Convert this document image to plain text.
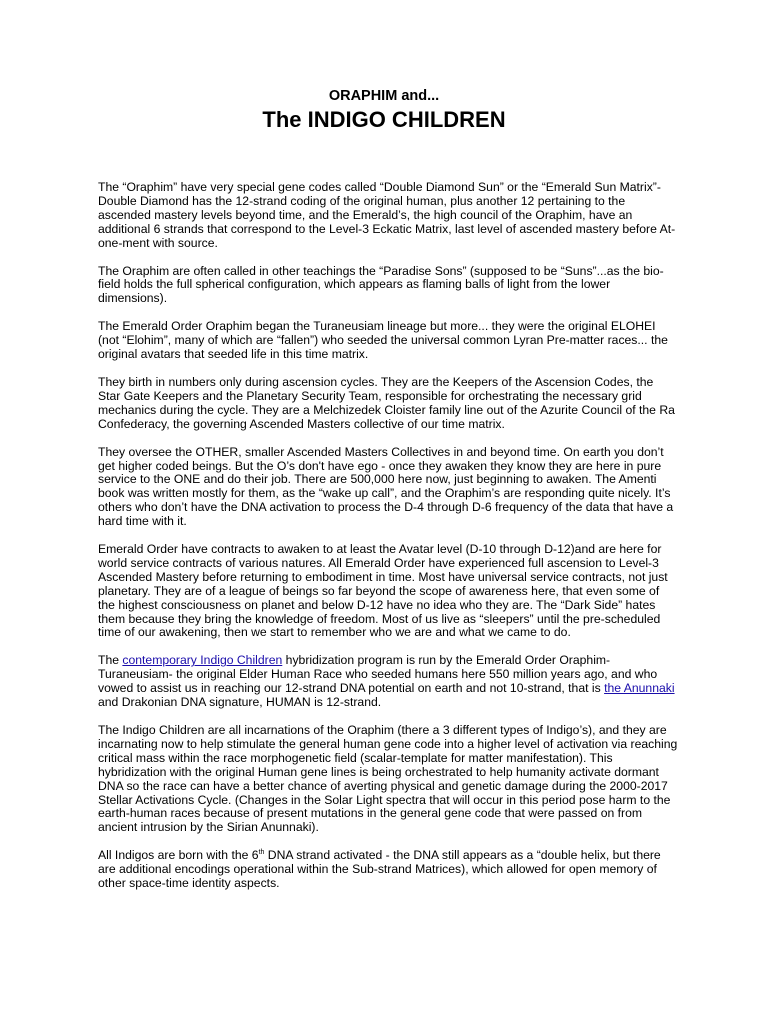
ORAPHIM and...
The INDIGO CHILDREN

The “Oraphim” have very special gene codes called “Double Diamond Sun” or the “Emerald Sun Matrix”- Double Diamond has the 12-strand coding of the original human, plus another 12 pertaining to the ascended mastery levels beyond time, and the Emerald’s, the high council of the Oraphim, have an additional 6 strands that correspond to the Level-3 Eckatic Matrix, last level of ascended mastery before At-one-ment with source.

The Oraphim are often called in other teachings the “Paradise Sons” (supposed to be “Suns”...as the bio-field holds the full spherical configuration, which appears as flaming balls of light from the lower dimensions).

The Emerald Order Oraphim began the Turaneusiam lineage but more... they were the original ELOHEI (not “Elohim”, many of which are “fallen”) who seeded the universal common Lyran Pre-matter races... the original avatars that seeded life in this time matrix.

They birth in numbers only during ascension cycles. They are the Keepers of the Ascension Codes, the Star Gate Keepers and the Planetary Security Team, responsible for orchestrating the necessary grid mechanics during the cycle. They are a Melchizedek Cloister family line out of the Azurite Council of the Ra Confederacy, the governing Ascended Masters collective of our time matrix.

They oversee the OTHER, smaller Ascended Masters Collectives in and beyond time. On earth you don’t get higher coded beings. But the O’s don't have ego - once they awaken they know they are here in pure service to the ONE and do their job. There are 500,000 here now, just beginning to awaken. The Amenti book was written mostly for them, as the “wake up call”, and the Oraphim’s are responding quite nicely. It’s others who don’t have the DNA activation to process the D-4 through D-6 frequency of the data that have a hard time with it.

Emerald Order have contracts to awaken to at least the Avatar level (D-10 through D-12)and are here for world service contracts of various natures. All Emerald Order have experienced full ascension to Level-3 Ascended Mastery before returning to embodiment in time. Most have universal service contracts, not just planetary. They are of a league of beings so far beyond the scope of awareness here, that even some of the highest consciousness on planet and below D-12 have no idea who they are. The “Dark Side” hates them because they bring the knowledge of freedom. Most of us live as “sleepers” until the pre-scheduled time of our awakening, then we start to remember who we are and what we came to do.

The contemporary Indigo Children hybridization program is run by the Emerald Order Oraphim-Turaneusiam- the original Elder Human Race who seeded humans here 550 million years ago, and who vowed to assist us in reaching our 12-strand DNA potential on earth and not 10-strand, that is the Anunnaki and Drakonian DNA signature, HUMAN is 12-strand.

The Indigo Children are all incarnations of the Oraphim (there a 3 different types of Indigo’s), and they are incarnating now to help stimulate the general human gene code into a higher level of activation via reaching critical mass within the race morphogenetic field (scalar-template for matter manifestation). This hybridization with the original Human gene lines is being orchestrated to help humanity activate dormant DNA so the race can have a better chance of averting physical and genetic damage during the 2000-2017 Stellar Activations Cycle. (Changes in the Solar Light spectra that will occur in this period pose harm to the earth-human races because of present mutations in the general gene code that were passed on from ancient intrusion by the Sirian Anunnaki).

All Indigos are born with the 6th DNA strand activated - the DNA still appears as a “double helix, but there are additional encodings operational within the Sub-strand Matrices), which allowed for open memory of other space-time identity aspects.
